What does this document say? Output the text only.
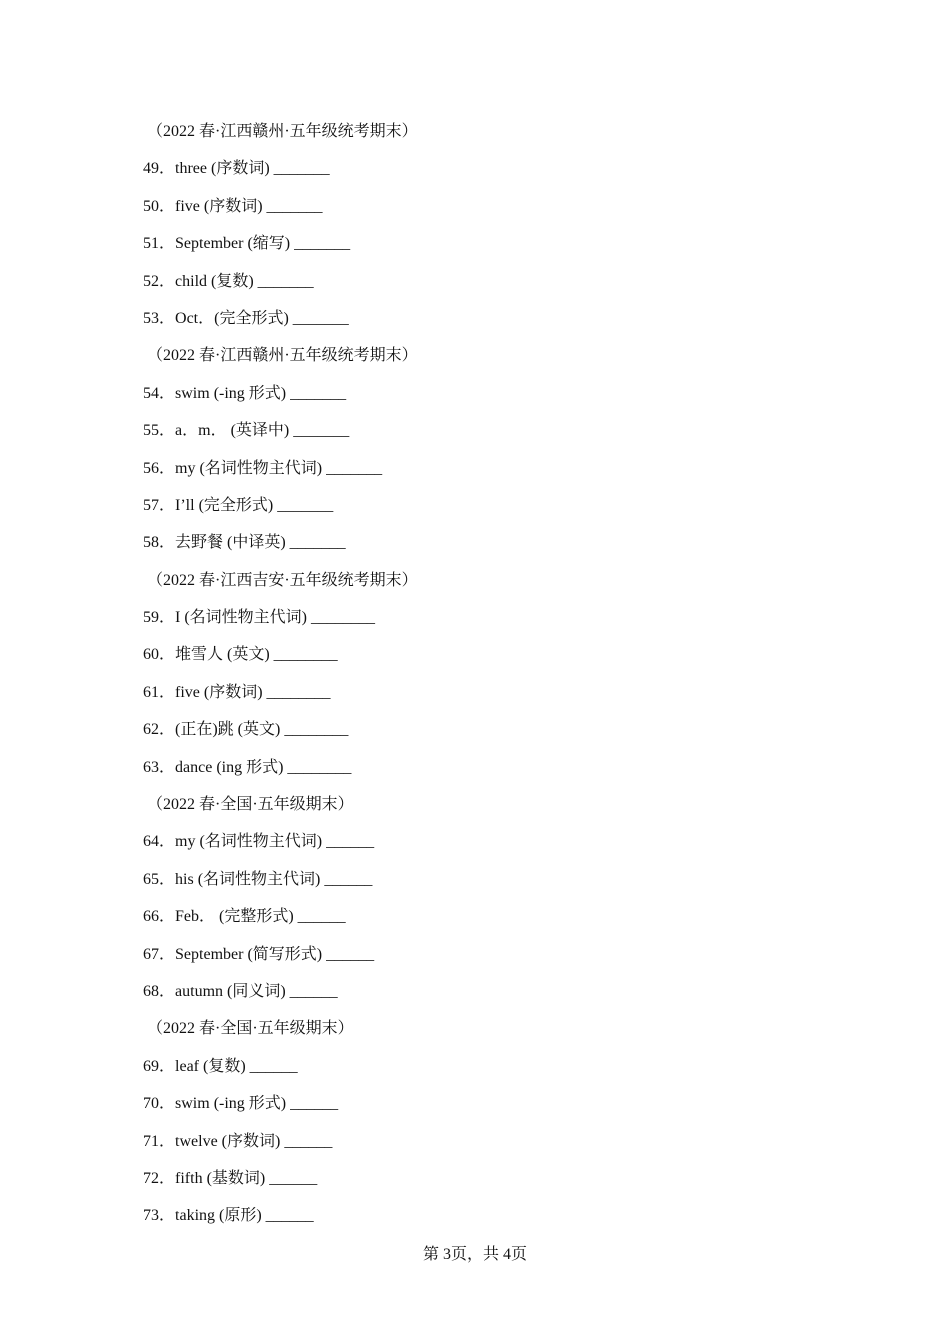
（2022 春·江西赣州·五年级统考期末）
49．three (序数词) _______
50．five (序数词) _______
51．September (缩写) _______
52．child (复数) _______
53．Oct．(完全形式) _______
（2022 春·江西赣州·五年级统考期末）
54．swim (-ing 形式) _______
55．a．m． (英译中) _______
56．my (名词性物主代词) _______
57．I’ll (完全形式) _______
58．去野餐 (中译英) _______
（2022 春·江西吉安·五年级统考期末）
59．I (名词性物主代词) ________
60．堆雪人 (英文) ________
61．five (序数词) ________
62．(正在)跳 (英文) ________
63．dance (ing 形式) ________
（2022 春·全国·五年级期末）
64．my (名词性物主代词) ______
65．his (名词性物主代词) ______
66．Feb． (完整形式) ______
67．September (简写形式) ______
68．autumn (同义词) ______
（2022 春·全国·五年级期末）
69．leaf (复数) ______
70．swim (-ing 形式) ______
71．twelve (序数词) ______
72．fifth (基数词) ______
73．taking (原形) ______
第 3页，共 4页
